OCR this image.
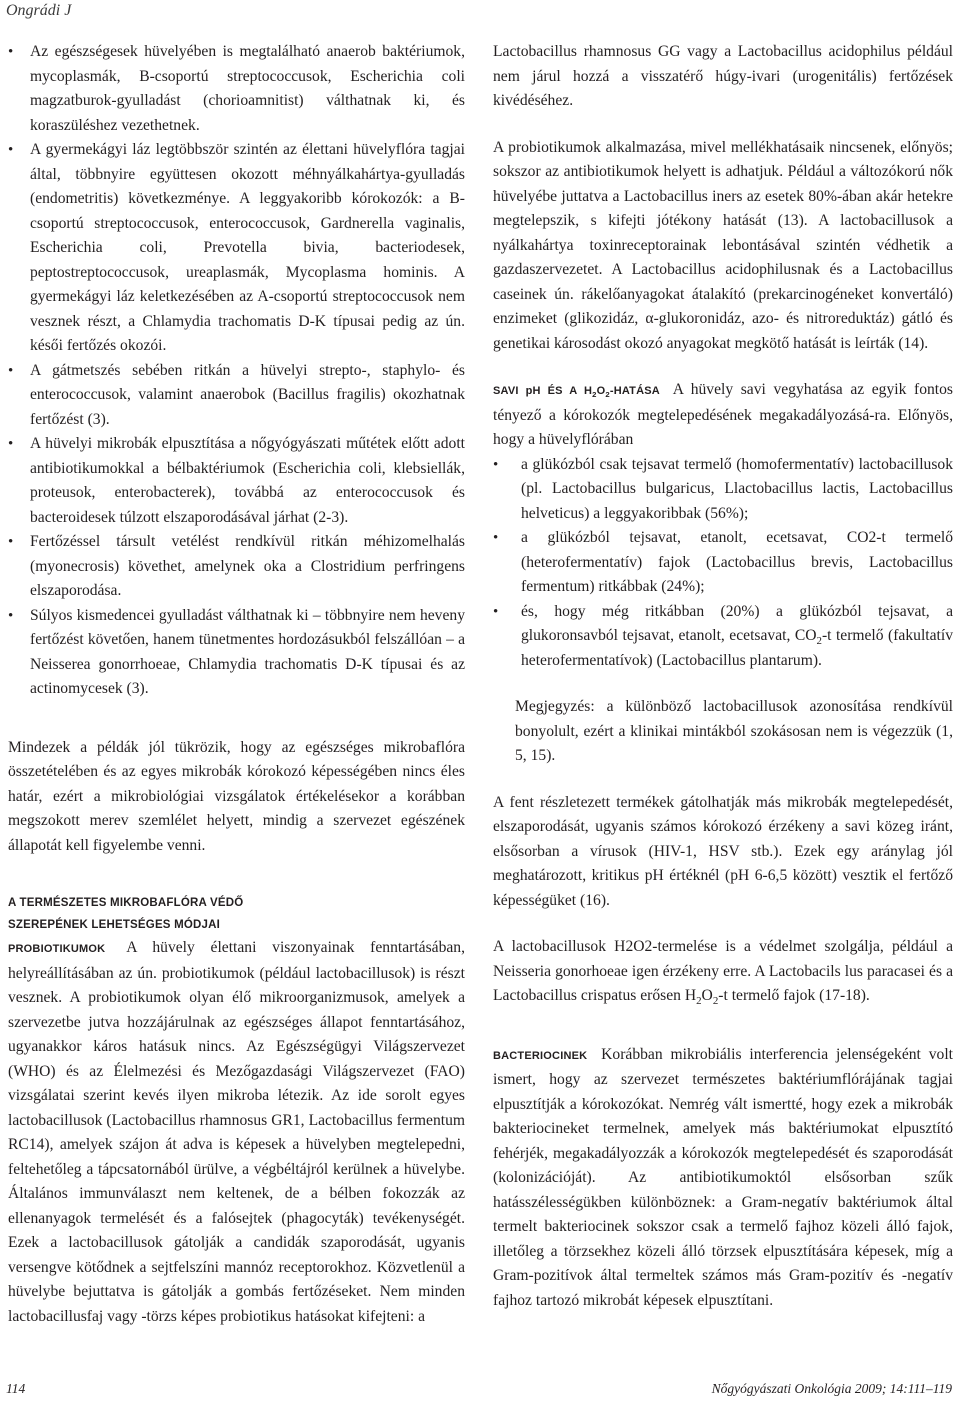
Ongrádi J
• Az egészségesek hüvelyében is megtalálható anaerob baktériumok, mycoplasmák, B-csoportú streptococcusok, Escherichia coli magzatburok-gyulladást (chorioamnitist) válthatnak ki, és koraszüléshez vezethetnek.
• A gyermekágyi láz legtöbbször szintén az élettani hüvelyflóra tagjai által, többnyire együttesen okozott méhnyálkahártya-gyulladás (endometritis) következménye. A leggyakoribb kórokozók: a B-csoportú streptococcusok, enterococcusok, Gardnerella vaginalis, Escherichia coli, Prevotella bivia, bacteriodesek, peptostreptococcusok, ureaplasmák, Mycoplasma hominis. A gyermekágyi láz keletkezésében az A-csoportú streptococcusok nem vesznek részt, a Chlamydia trachomatis D-K típusai pedig az ún. késői fertőzés okozói.
• A gátmetszés sebében ritkán a hüvelyi strepto-, staphylo- és enterococcusok, valamint anaerobok (Bacillus fragilis) okozhatnak fertőzést (3).
• A hüvelyi mikrobák elpusztítása a nőgyógyászati műtétek előtt adott antibiotikumokkal a bélbaktériumok (Escherichia coli, klebsiellák, proteusok, enterobacterek), továbbá az enterococcusok és bacteroidesek túlzott elszaporodásával járhat (2-3).
• Fertőzéssel társult vetélést rendkívül ritkán méhizomelhalás (myonecrosis) követhet, amelynek oka a Clostridium perfringens elszaporodása.
• Súlyos kismedencei gyulladást válthatnak ki – többnyire nem heveny fertőzést követően, hanem tünetmentes hordozásukból felszállóan – a Neisserea gonorrhoeae, Chlamydia trachomatis D-K típusai és az actinomycesek (3).

Mindezek a példák jól tükrözik, hogy az egészséges mikrobaflóra összetételében és az egyes mikrobák kórokozó képességében nincs éles határ, ezért a mikrobiológiai vizsgálatok értékelésekor a korábban megszokott merev szemlélet helyett, mindig a szervezet egészének állapotát kell figyelembe venni.

A TERMÉSZETES MIKROBAFLÓRA VÉDŐ
SZEREPÉNEK LEHETSÉGES MÓDJAI

PROBIOTIKUMOK A hüvely élettani viszonyainak fenntartásában, helyreállításában az ún. probiotikumok (például lactobacillusok) is részt vesznek. A probiotikumok olyan élő mikroorganizmusok, amelyek a szervezetbe jutva hozzájárulnak az egészséges állapot fenntartásához, ugyanakkor káros hatásuk nincs. Az Egészségügyi Világszervezet (WHO) és az Élelmezési és Mezőgazdasági Világszervezet (FAO) vizsgálatai szerint kevés ilyen mikroba létezik. Az ide sorolt egyes lactobacillusok (Lactobacillus rhamnosus GR1, Lactobacillus fermentum RC14), amelyek szájon át adva is képesek a hüvelyben megtelepedni, feltehetőleg a tápcsatornából ürülve, a végbéltájról kerülnek a hüvelybe. Általános immunválaszt nem keltenek, de a bélben fokozzák az ellenanyagok termelését és a falósejtek (phagocyták) tevékenységét. Ezek a lactobacillusok gátolják a candidák szaporodását, ugyanis versengve kötődnek a sejtfelszíni mannóz receptorokhoz. Közvetlenül a hüvelybe bejuttatva is gátolják a gombás fertőzéseket. Nem minden lactobacillusfaj vagy -törzs képes probiotikus hatásokat kifejteni: a

Lactobacillus rhamnosus GG vagy a Lactobacillus acidophilus például nem járul hozzá a visszatérő húgy-ivari (urogenitális) fertőzések kivédéséhez.

A probiotikumok alkalmazása, mivel mellékhatásaik nincsenek, előnyös; sokszor az antibiotikumok helyett is adhatjuk. Például a változókorú nők hüvelyébe juttatva a Lactobacillus iners az esetek 80%-ában akár hetekre megtelepszik, s kifejti jótékony hatását (13). A lactobacillusok a nyálkahártya toxinreceptorainak lebontásával szintén védhetik a gazdaszervezetet. A Lactobacillus acidophilusnak és a Lactobacillus caseinek ún. rákelőanyagokat átalakító (prekarcinogéneket konvertáló) enzimeket (glikozidáz, α-glukoronidáz, azo- és nitroreduktáz) gátló és genetikai károsodást okozó anyagokat megkötő hatását is leírták (14).

SAVI pH ÉS A $H_2O_2$-HATÁSA A hüvely savi vegyhatása az egyik fontos tényező a kórokozók megtelepedésének megakadályozásá-ra. Előnyös, hogy a hüvelyflórában

• a glükózból csak tejsavat termelő (homofermentatív) lactobacillusok (pl. Lactobacillus bulgaricus, Llactobacillus lactis, Lactobacillus helveticus) a leggyakoribbak (56%);
• a glükózból tejsavat, etanolt, ecetsavat, CO2-t termelő (heterofermentatív) fajok (Lactobacillus brevis, Lactobacillus fermentum) ritkábbak (24%);
• és, hogy még ritkábban (20%) a glükózból tejsavat, a glukoronsavból tejsavat, etanolt, ecetsavat, $CO_2-t$ termelő (fakultatív heterofermentatívok) (Lactobacillus plantarum).

Megjegyzés: a különböző lactobacillusok azonosítása rendkívül bonyolult, ezért a klinikai mintákból szokásosan nem is végezzük (1, 5, 15).

A fent részletezett termékek gátolhatják más mikrobák megtelepedését, elszaporodását, ugyanis számos kórokozó érzékeny a savi közeg iránt, elsősorban a vírusok (HIV-1, HSV stb.). Ezek egy aránylag jól meghatározott, kritikus pH értéknél (pH 6-6,5 között) vesztik el fertőző képességüket (16).

A lactobacillusok H2O2-termelése is a védelmet szolgálja, például a Neisseria gonorhoeae igen érzékeny erre. A Lactobacils lus paracasei és a Lactobacillus crispatus erősen $H_2O_2-t$ termelő fajok (17-18).

BACTERIOCINEK Korábban mikrobiális interferencia jelenségeként volt ismert, hogy az szervezet természetes baktériumflórájának tagjai elpusztítják a kórokozókat. Nemrég vált ismertté, hogy ezek a mikrobák bakteriocineket termelnek, amelyek más baktériumokat elpusztító fehérjék, megakadályozzák a kórokozók megtelepedését és szaporodását (kolonizációját). Az antibiotikumoktól elsősorban szűk hatásszélességükben különböznek: a Gram-negatív baktériumok által termelt bakteriocinek sokszor csak a termelő fajhoz közeli álló fajok, illetőleg a törzsekhez közeli álló törzsek elpusztítására képesek, míg a Gram-pozitívok által termeltek számos más Gram-pozitív és -negatív fajhoz tartozó mikrobát képesek elpusztítani.

114	Nőgyógyászati Onkológia 2009; 14:111–119
